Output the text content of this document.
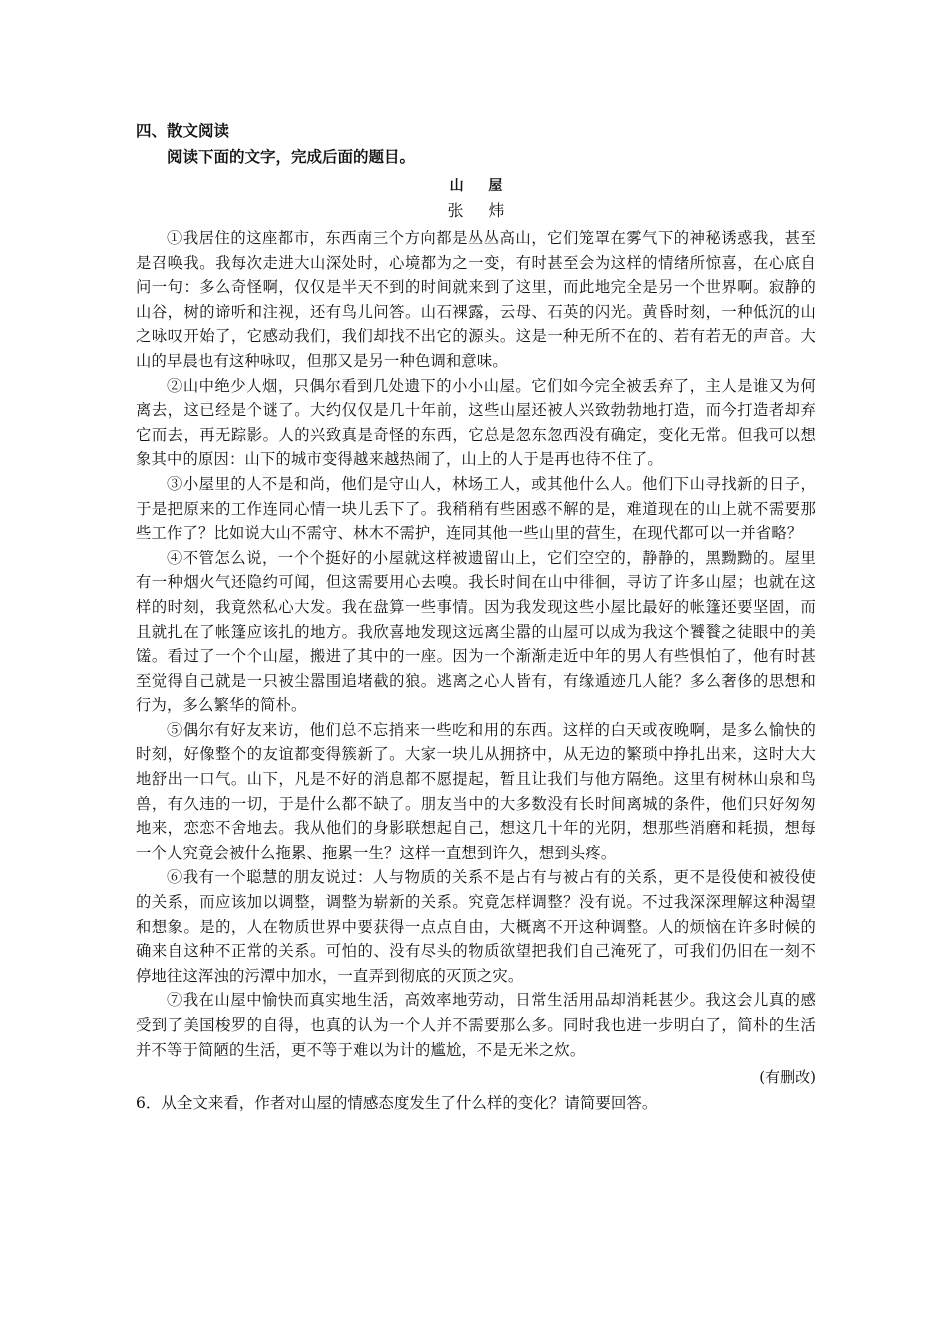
四、散文阅读

阅读下面的文字，完成后面的题目。

山 屋

张 炜

①我居住的这座都市，东西南三个方向都是丛丛高山，它们笼罩在雾气下的神秘诱惑我，甚至是召唤我。我每次走进大山深处时，心境都为之一变，有时甚至会为这样的情绪所惊喜，在心底自问一句：多么奇怪啊，仅仅是半天不到的时间就来到了这里，而此地完全是另一个世界啊。寂静的山谷，树的谛听和注视，还有鸟儿问答。山石裸露，云母、石英的闪光。黄昏时刻，一种低沉的山之咏叹开始了，它感动我们，我们却找不出它的源头。这是一种无所不在的、若有若无的声音。大山的早晨也有这种咏叹，但那又是另一种色调和意味。

②山中绝少人烟，只偶尔看到几处遗下的小小山屋。它们如今完全被丢弃了，主人是谁又为何离去，这已经是个谜了。大约仅仅是几十年前，这些山屋还被人兴致勃勃地打造，而今打造者却弃它而去，再无踪影。人的兴致真是奇怪的东西，它总是忽东忽西没有确定，变化无常。但我可以想象其中的原因：山下的城市变得越来越热闹了，山上的人于是再也待不住了。

③小屋里的人不是和尚，他们是守山人，林场工人，或其他什么人。他们下山寻找新的日子，于是把原来的工作连同心情一块儿丢下了。我稍稍有些困惑不解的是，难道现在的山上就不需要那些工作了？比如说大山不需守、林木不需护，连同其他一些山里的营生，在现代都可以一并省略？

④不管怎么说，一个个挺好的小屋就这样被遗留山上，它们空空的，静静的，黑黝黝的。屋里有一种烟火气还隐约可闻，但这需要用心去嗅。我长时间在山中徘徊，寻访了许多山屋；也就在这样的时刻，我竟然私心大发。我在盘算一些事情。因为我发现这些小屋比最好的帐篷还要坚固，而且就扎在了帐篷应该扎的地方。我欣喜地发现这远离尘嚣的山屋可以成为我这个饕餮之徒眼中的美馐。看过了一个个山屋，搬进了其中的一座。因为一个渐渐走近中年的男人有些惧怕了，他有时甚至觉得自己就是一只被尘嚣围追堵截的狼。逃离之心人皆有，有缘遁迹几人能？多么奢侈的思想和行为，多么繁华的简朴。

⑤偶尔有好友来访，他们总不忘捎来一些吃和用的东西。这样的白天或夜晚啊，是多么愉快的时刻，好像整个的友谊都变得簇新了。大家一块儿从拥挤中，从无边的繁琐中挣扎出来，这时大大地舒出一口气。山下，凡是不好的消息都不愿提起，暂且让我们与他方隔绝。这里有树林山泉和鸟兽，有久违的一切，于是什么都不缺了。朋友当中的大多数没有长时间离城的条件，他们只好匆匆地来，恋恋不舍地去。我从他们的身影联想起自己，想这几十年的光阴，想那些消磨和耗损，想每一个人究竟会被什么拖累、拖累一生？这样一直想到许久，想到头疼。

⑥我有一个聪慧的朋友说过：人与物质的关系不是占有与被占有的关系，更不是役使和被役使的关系，而应该加以调整，调整为崭新的关系。究竟怎样调整？没有说。不过我深深理解这种渴望和想象。是的，人在物质世界中要获得一点点自由，大概离不开这种调整。人的烦恼在许多时候的确来自这种不正常的关系。可怕的、没有尽头的物质欲望把我们自己淹死了，可我们仍旧在一刻不停地往这浑浊的污潭中加水，一直弄到彻底的灭顶之灾。

⑦我在山屋中愉快而真实地生活，高效率地劳动，日常生活用品却消耗甚少。我这会儿真的感受到了美国梭罗的自得，也真的认为一个人并不需要那么多。同时我也进一步明白了，简朴的生活并不等于简陋的生活，更不等于难以为计的尴尬，不是无米之炊。

(有删改)

6．从全文来看，作者对山屋的情感态度发生了什么样的变化？请简要回答。
